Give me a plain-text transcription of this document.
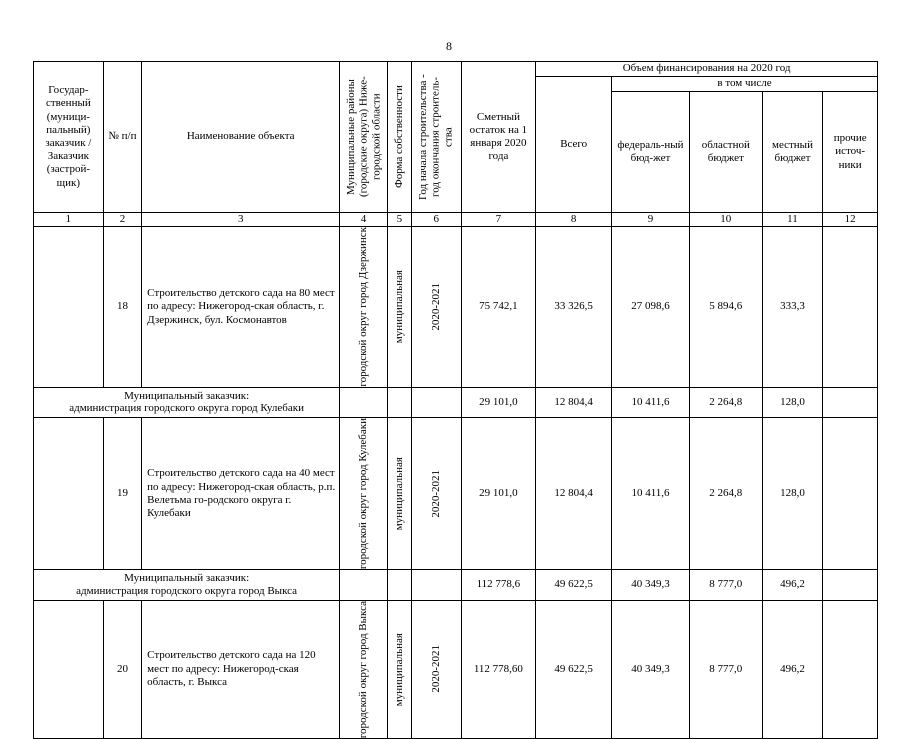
8
Государ-ственный (муници-пальный) заказчик / Заказчик (застрой-щик)	№ п/п	Наименование объекта	Муниципальные районы (городские округа) Ниже-городской области	Форма собственности	Год начала строительства - год окончания строитель-ства	Сметный остаток на 1 января 2020 года	Объем финансирования на 2020 год				
							Всего	в том числе			
								федераль-ный бюд-жет	областной бюджет	местный бюджет	прочие источ-ники
1	2	3	4	5	6	7	8	9	10	11	12
	18	Строительство детского сада на 80 мест по адресу: Нижегород-ская область, г. Дзержинск, бул. Космонавтов	городской округ город Дзержинск	муниципальная	2020-2021	75 742,1	33 326,5	27 098,6	5 894,6	333,3	

Муниципальный заказчик:
администрация городского округа город Кулебаки						29 101,0	12 804,4	10 411,6	2 264,8	128,0	
	19	Строительство детского сада на 40 мест по адресу: Нижегород-ская область, р.п. Велетьма го-родского округа г. Кулебаки	городской округ город Кулебаки	муниципальная	2020-2021	29 101,0	12 804,4	10 411,6	2 264,8	128,0	

Муниципальный заказчик:
администрация городского округа город Выкса						112 778,6	49 622,5	40 349,3	8 777,0	496,2	
	20	Строительство детского сада на 120 мест по адресу: Нижегород-ская область, г. Выкса	городской округ город Выкса	муниципальная	2020-2021	112 778,60	49 622,5	40 349,3	8 777,0	496,2	
